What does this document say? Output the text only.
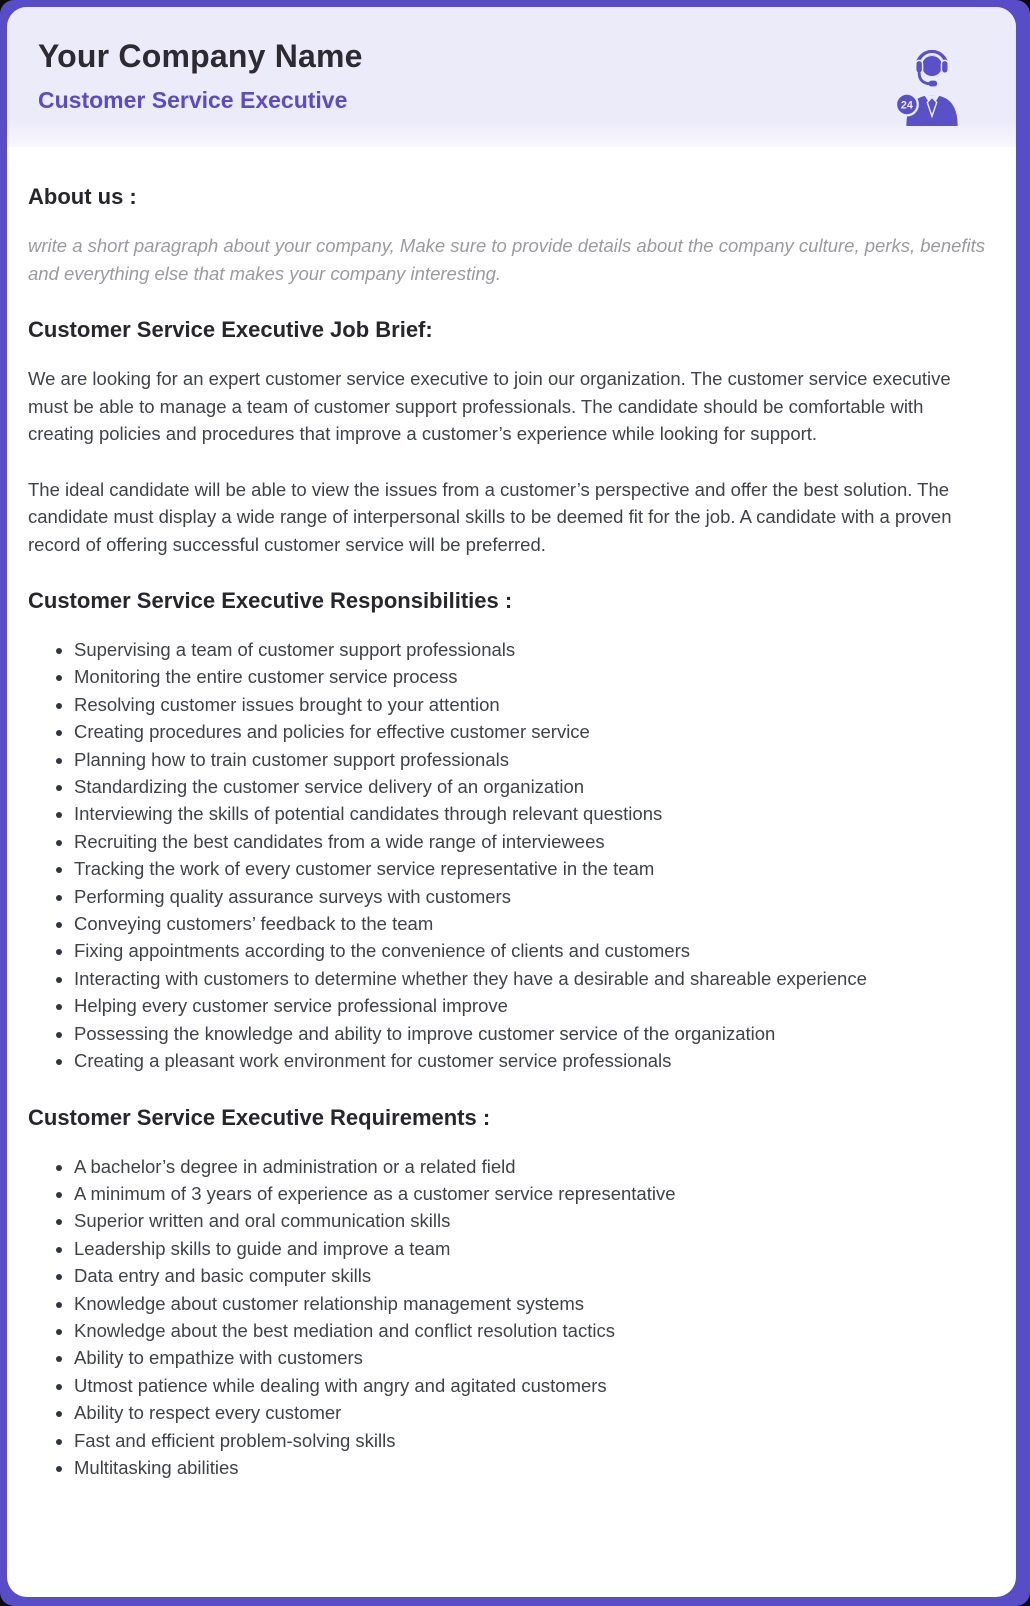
Your Company Name
Customer Service Executive	24
About us :

write a short paragraph about your company, Make sure to provide details about the company culture, perks, benefits and everything else that makes your company interesting.

Customer Service Executive Job Brief:

We are looking for an expert customer service executive to join our organization. The customer service executive must be able to manage a team of customer support professionals. The candidate should be comfortable with creating policies and procedures that improve a customer’s experience while looking for support.

The ideal candidate will be able to view the issues from a customer’s perspective and offer the best solution. The candidate must display a wide range of interpersonal skills to be deemed fit for the job. A candidate with a proven record of offering successful customer service will be preferred.

Customer Service Executive Responsibilities :
• Supervising a team of customer support professionals
• Monitoring the entire customer service process
• Resolving customer issues brought to your attention
• Creating procedures and policies for effective customer service
• Planning how to train customer support professionals
• Standardizing the customer service delivery of an organization
• Interviewing the skills of potential candidates through relevant questions
• Recruiting the best candidates from a wide range of interviewees
• Tracking the work of every customer service representative in the team
• Performing quality assurance surveys with customers
• Conveying customers’ feedback to the team
• Fixing appointments according to the convenience of clients and customers
• Interacting with customers to determine whether they have a desirable and shareable experience
• Helping every customer service professional improve
• Possessing the knowledge and ability to improve customer service of the organization
• Creating a pleasant work environment for customer service professionals
Customer Service Executive Requirements :
• A bachelor’s degree in administration or a related field
• A minimum of 3 years of experience as a customer service representative
• Superior written and oral communication skills
• Leadership skills to guide and improve a team
• Data entry and basic computer skills
• Knowledge about customer relationship management systems
• Knowledge about the best mediation and conflict resolution tactics
• Ability to empathize with customers
• Utmost patience while dealing with angry and agitated customers
• Ability to respect every customer
• Fast and efficient problem-solving skills
• Multitasking abilities
